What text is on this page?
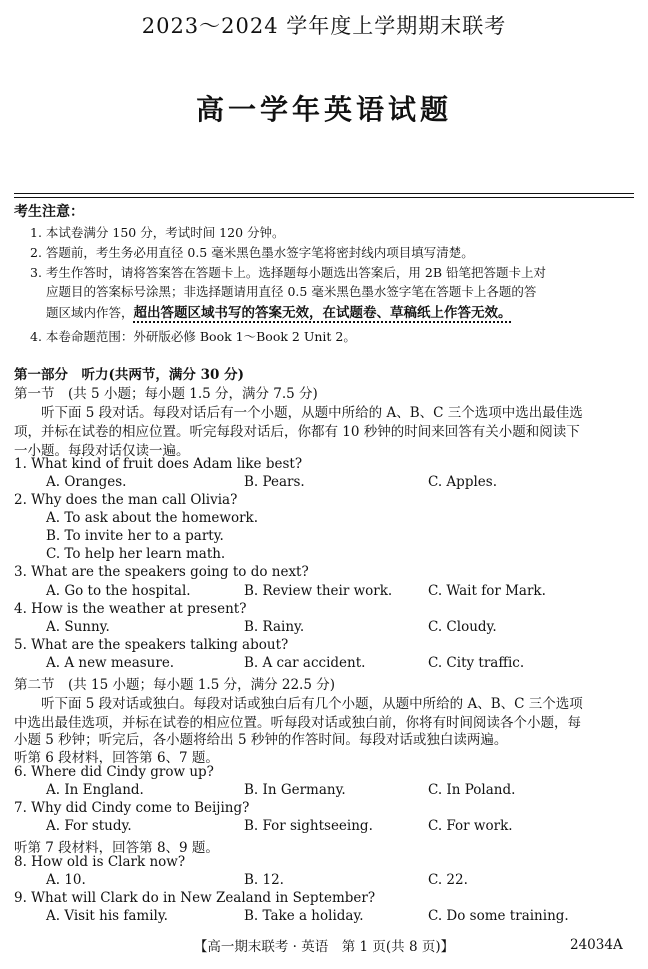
2023～2024 学年度上学期期末联考
高一学年英语试题
考生注意：
1. 本试卷满分 150 分，考试时间 120 分钟。
2. 答题前，考生务必用直径 0.5 毫米黑色墨水签字笔将密封线内项目填写清楚。
3. 考生作答时，请将答案答在答题卡上。选择题每小题选出答案后，用 2B 铅笔把答题卡上对
应题目的答案标号涂黑；非选择题请用直径 0.5 毫米黑色墨水签字笔在答题卡上各题的答
题区域内作答，超出答题区域书写的答案无效，在试题卷、草稿纸上作答无效。
4. 本卷命题范围：外研版必修 Book 1～Book 2 Unit 2。
第一部分　听力(共两节，满分 30 分)
第一节　(共 5 小题；每小题 1.5 分，满分 7.5 分)
　　听下面 5 段对话。每段对话后有一个小题，从题中所给的 A、B、C 三个选项中选出最佳选
项，并标在试卷的相应位置。听完每段对话后，你都有 10 秒钟的时间来回答有关小题和阅读下
一小题。每段对话仅读一遍。
1. What kind of fruit does Adam like best?
A. Oranges.	B. Pears.	C. Apples.
2. Why does the man call Olivia?
A. To ask about the homework.
B. To invite her to a party.
C. To help her learn math.
3. What are the speakers going to do next?
A. Go to the hospital.	B. Review their work.	C. Wait for Mark.
4. How is the weather at present?
A. Sunny.	B. Rainy.	C. Cloudy.
5. What are the speakers talking about?
A. A new measure.	B. A car accident.	C. City traffic.
第二节　(共 15 小题；每小题 1.5 分，满分 22.5 分)
　　听下面 5 段对话或独白。每段对话或独白后有几个小题，从题中所给的 A、B、C 三个选项
中选出最佳选项，并标在试卷的相应位置。听每段对话或独白前，你将有时间阅读各个小题，每
小题 5 秒钟；听完后，各小题将给出 5 秒钟的作答时间。每段对话或独白读两遍。
听第 6 段材料，回答第 6、7 题。
6. Where did Cindy grow up?
A. In England.	B. In Germany.	C. In Poland.
7. Why did Cindy come to Beijing?
A. For study.	B. For sightseeing.	C. For work.
听第 7 段材料，回答第 8、9 题。
8. How old is Clark now?
A. 10.	B. 12.	C. 22.
9. What will Clark do in New Zealand in September?
A. Visit his family.	B. Take a holiday.	C. Do some training.
【高一期末联考 · 英语　第 1 页(共 8 页)】	24034A
